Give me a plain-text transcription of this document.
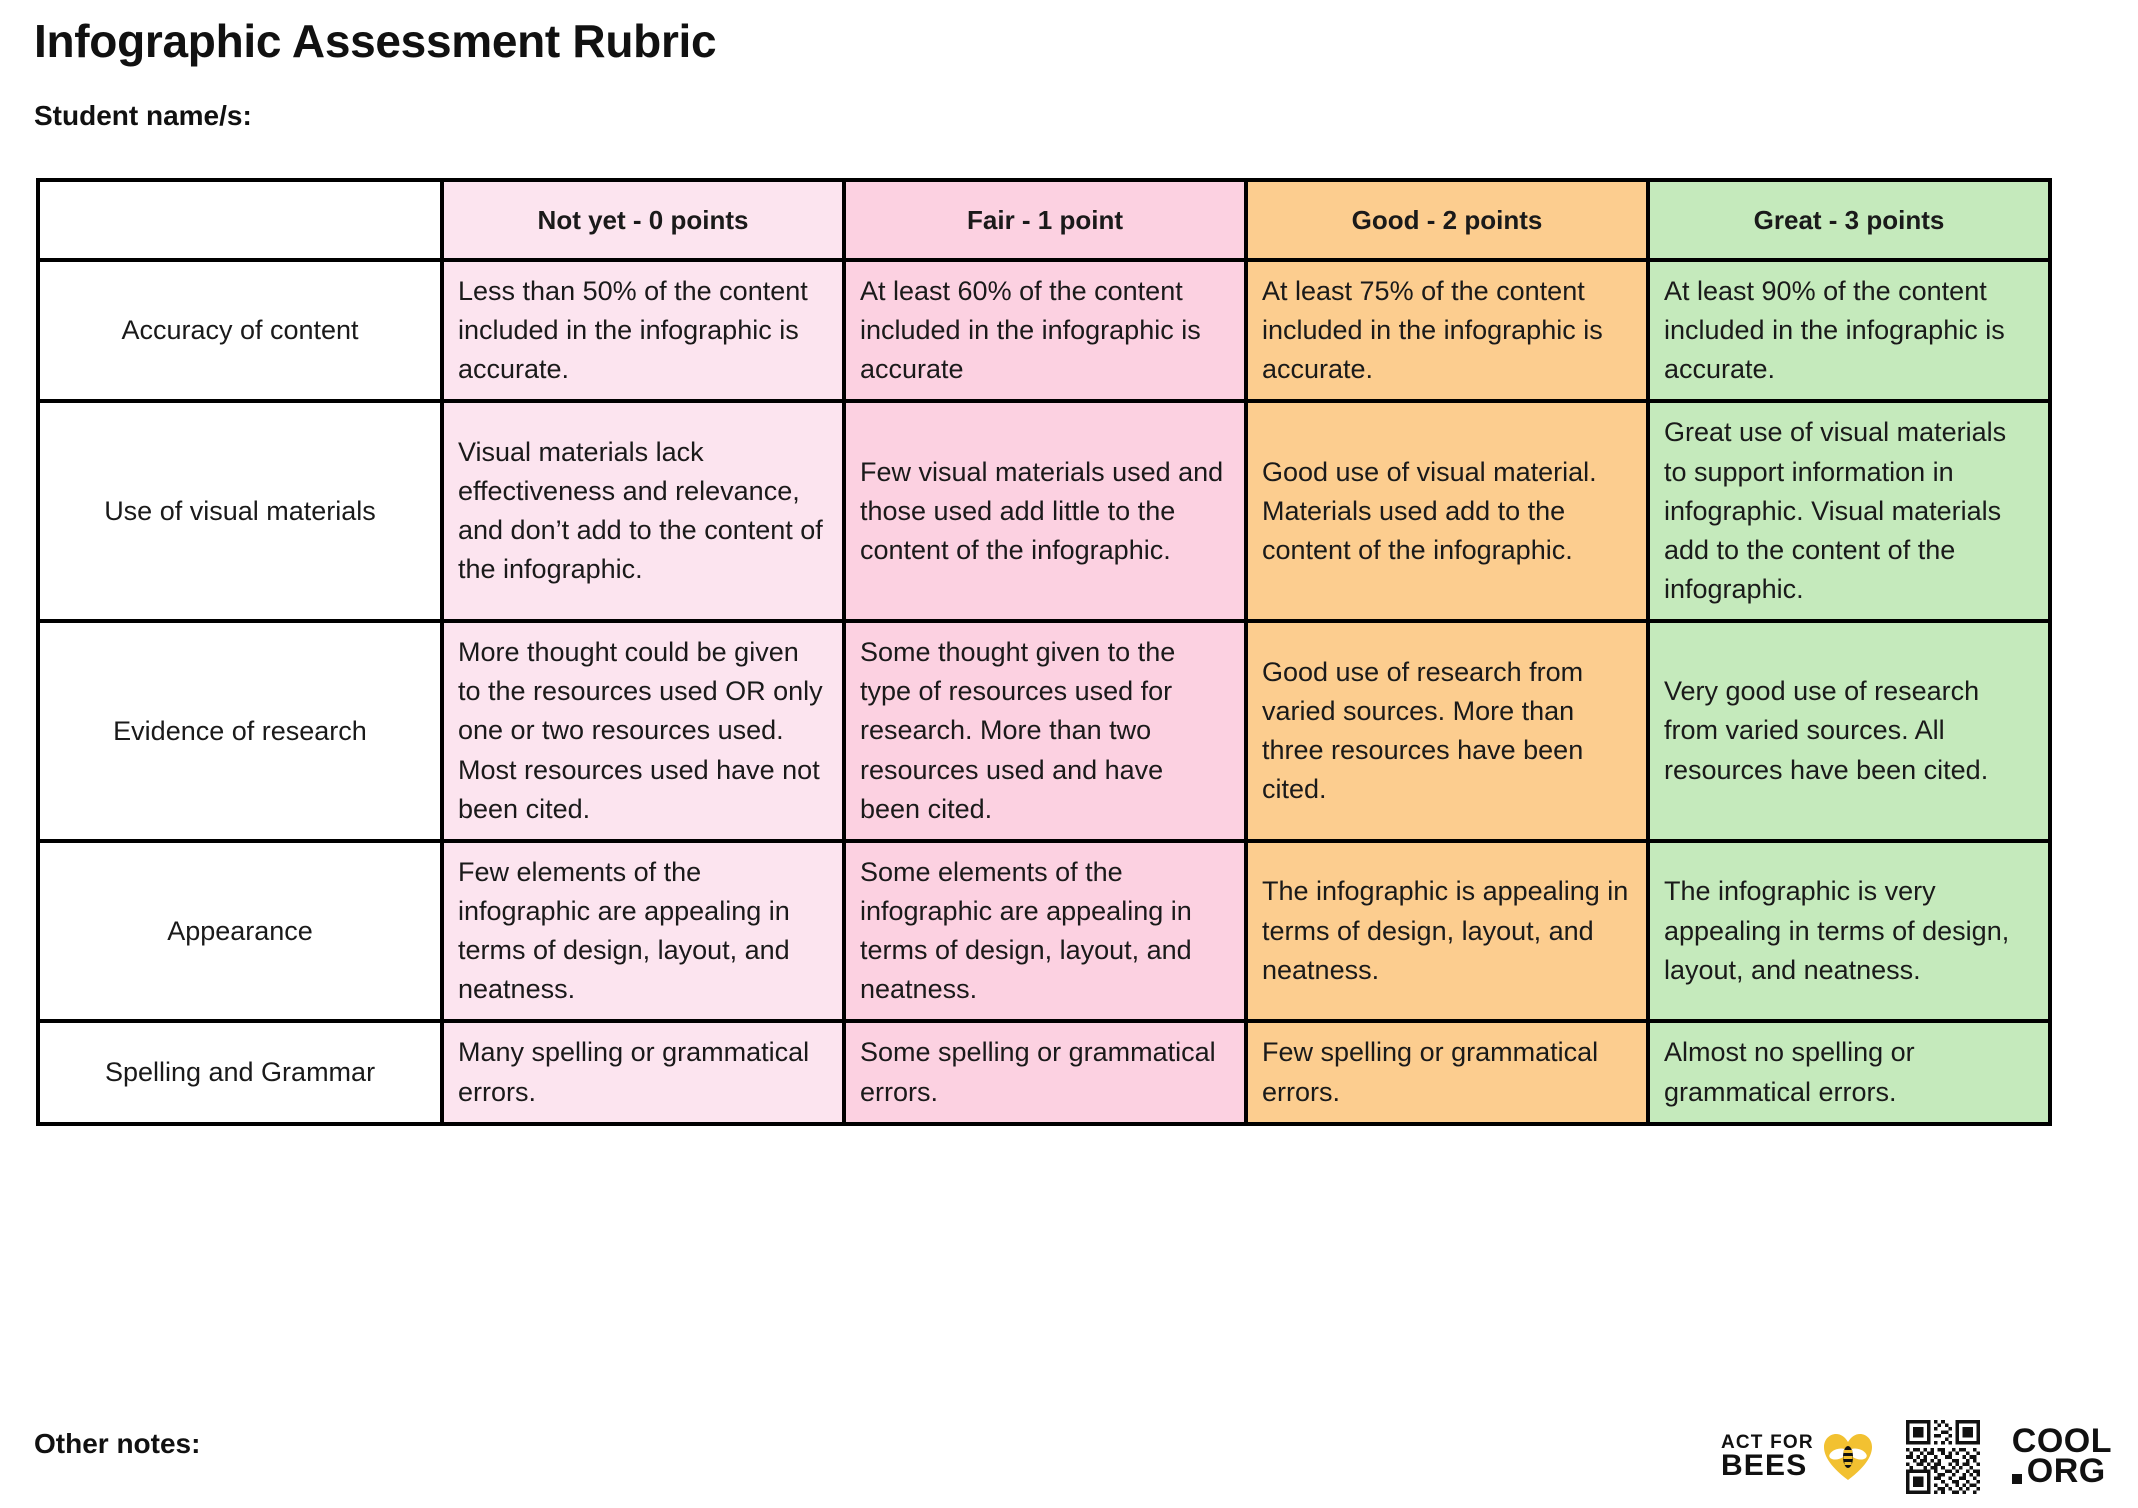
Infographic Assessment Rubric
Student name/s:
	Not yet - 0 points	Fair - 1 point	Good - 2 points	Great - 3 points
Accuracy of content	Less than 50% of the content included in the infographic is accurate.	At least 60% of the content included in the infographic is accurate	At least 75% of the content included in the infographic is accurate.	At least 90% of the content included in the infographic is accurate.
Use of visual materials	Visual materials lack effectiveness and relevance, and don’t add to the content of the infographic.	Few visual materials used and those used add little to the content of the infographic.	Good use of visual material. Materials used add to the content of the infographic.	Great use of visual materials to support information in infographic. Visual materials add to the content of the infographic.
Evidence of research	More thought could be given to the resources used OR only one or two resources used. Most resources used have not been cited.	Some thought given to the type of resources used for research. More than two resources used and have been cited.	Good use of research from varied sources. More than three resources have been cited.	Very good use of research from varied sources. All resources have been cited.
Appearance	Few elements of the infographic are appealing in terms of design, layout, and neatness.	Some elements of the infographic are appealing in terms of design, layout, and neatness.	The infographic is appealing in terms of design, layout, and neatness.	The infographic is very appealing in terms of design, layout, and neatness.
Spelling and Grammar	Many spelling or grammatical errors.	Some spelling or grammatical errors.	Few spelling or grammatical errors.	Almost no spelling or grammatical errors.
Other notes:	ACT FOR
BEES
COOL
ORG
